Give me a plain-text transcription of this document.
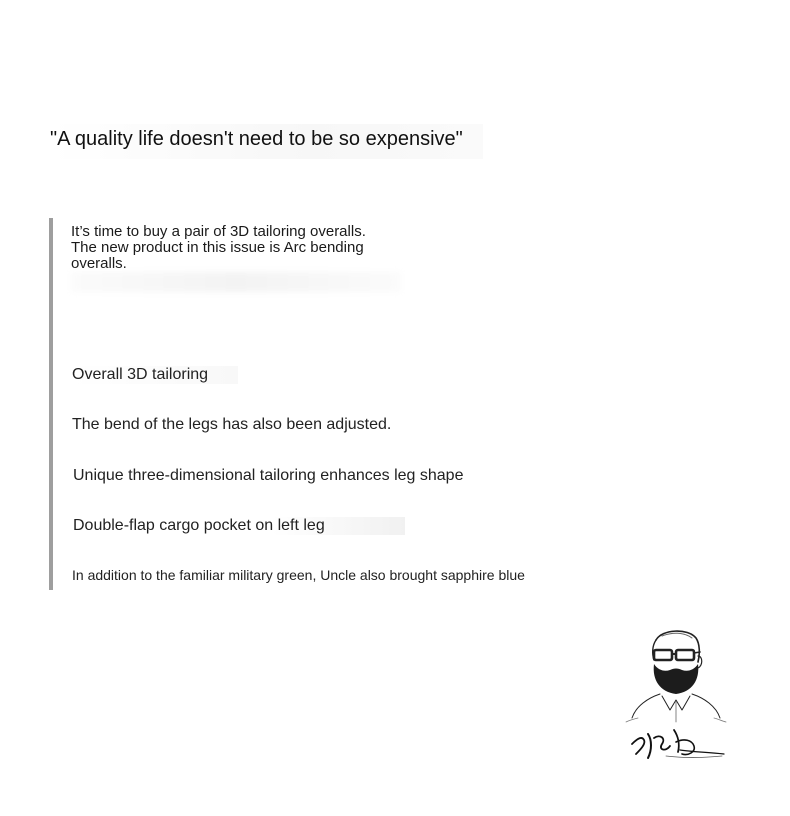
"A quality life doesn't need to be so expensive"
It’s time to buy a pair of 3D tailoring overalls.
The new product in this issue is Arc bending
overalls.
Overall 3D tailoring
The bend of the legs has also been adjusted.
Unique three-dimensional tailoring enhances leg shape
Double-flap cargo pocket on left leg
In addition to the familiar military green, Uncle also brought sapphire blue
